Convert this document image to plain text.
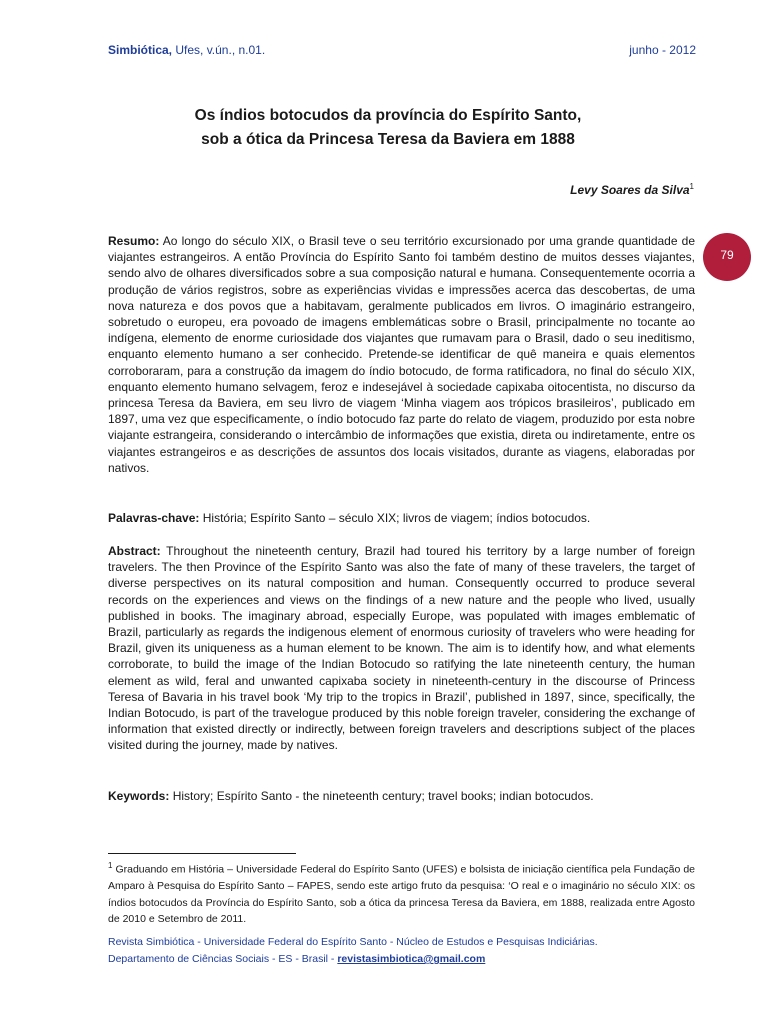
Simbiótica, Ufes, v.ún., n.01.	junho - 2012
Os índios botocudos da província do Espírito Santo,
sob a ótica da Princesa Teresa da Baviera em 1888
Levy Soares da Silva$^1$
79

Resumo: Ao longo do século XIX, o Brasil teve o seu território excursionado por uma grande quantidade de viajantes estrangeiros. A então Província do Espírito Santo foi também destino de muitos desses viajantes, sendo alvo de olhares diversificados sobre a sua composição natural e humana. Consequentemente ocorria a produção de vários registros, sobre as experiências vividas e impressões acerca das descobertas, de uma nova natureza e dos povos que a habitavam, geralmente publicados em livros. O imaginário estrangeiro, sobretudo o europeu, era povoado de imagens emblemáticas sobre o Brasil, principalmente no tocante ao indígena, elemento de enorme curiosidade dos viajantes que rumavam para o Brasil, dado o seu ineditismo, enquanto elemento humano a ser conhecido. Pretende-se identificar de quê maneira e quais elementos corroboraram, para a construção da imagem do índio botocudo, de forma ratificadora, no final do século XIX, enquanto elemento humano selvagem, feroz e indesejável à sociedade capixaba oitocentista, no discurso da princesa Teresa da Baviera, em seu livro de viagem ‘Minha viagem aos trópicos brasileiros’, publicado em 1897, uma vez que especificamente, o índio botocudo faz parte do relato de viagem, produzido por esta nobre viajante estrangeira, considerando o intercâmbio de informações que existia, direta ou indiretamente, entre os viajantes estrangeiros e as descrições de assuntos dos locais visitados, durante as viagens, elaboradas por nativos.

Palavras-chave: História; Espírito Santo – século XIX; livros de viagem; índios botocudos.

Abstract: Throughout the nineteenth century, Brazil had toured his territory by a large number of foreign travelers. The then Province of the Espírito Santo was also the fate of many of these travelers, the target of diverse perspectives on its natural composition and human. Consequently occurred to produce several records on the experiences and views on the findings of a new nature and the people who lived, usually published in books. The imaginary abroad, especially Europe, was populated with images emblematic of Brazil, particularly as regards the indigenous element of enormous curiosity of travelers who were heading for Brazil, given its uniqueness as a human element to be known. The aim is to identify how, and what elements corroborate, to build the image of the Indian Botocudo so ratifying the late nineteenth century, the human element as wild, feral and unwanted capixaba society in nineteenth-century in the discourse of Princess Teresa of Bavaria in his travel book ‘My trip to the tropics in Brazil’, published in 1897, since, specifically, the Indian Botocudo, is part of the travelogue produced by this noble foreign traveler, considering the exchange of information that existed directly or indirectly, between foreign travelers and descriptions subject of the places visited during the journey, made by natives.

Keywords: History; Espírito Santo - the nineteenth century; travel books; indian botocudos.

$^1$ Graduando em História – Universidade Federal do Espírito Santo (UFES) e bolsista de iniciação científica pela Fundação de Amparo à Pesquisa do Espírito Santo – FAPES, sendo este artigo fruto da pesquisa: ‘O real e o imaginário no século XIX: os índios botocudos da Província do Espírito Santo, sob a ótica da princesa Teresa da Baviera, em 1888, realizada entre Agosto de 2010 e Setembro de 2011.

Revista Simbiótica - Universidade Federal do Espírito Santo - Núcleo de Estudos e Pesquisas Indiciárias.
Departamento de Ciências Sociais - ES - Brasil - revistasimbiotica@gmail.com
